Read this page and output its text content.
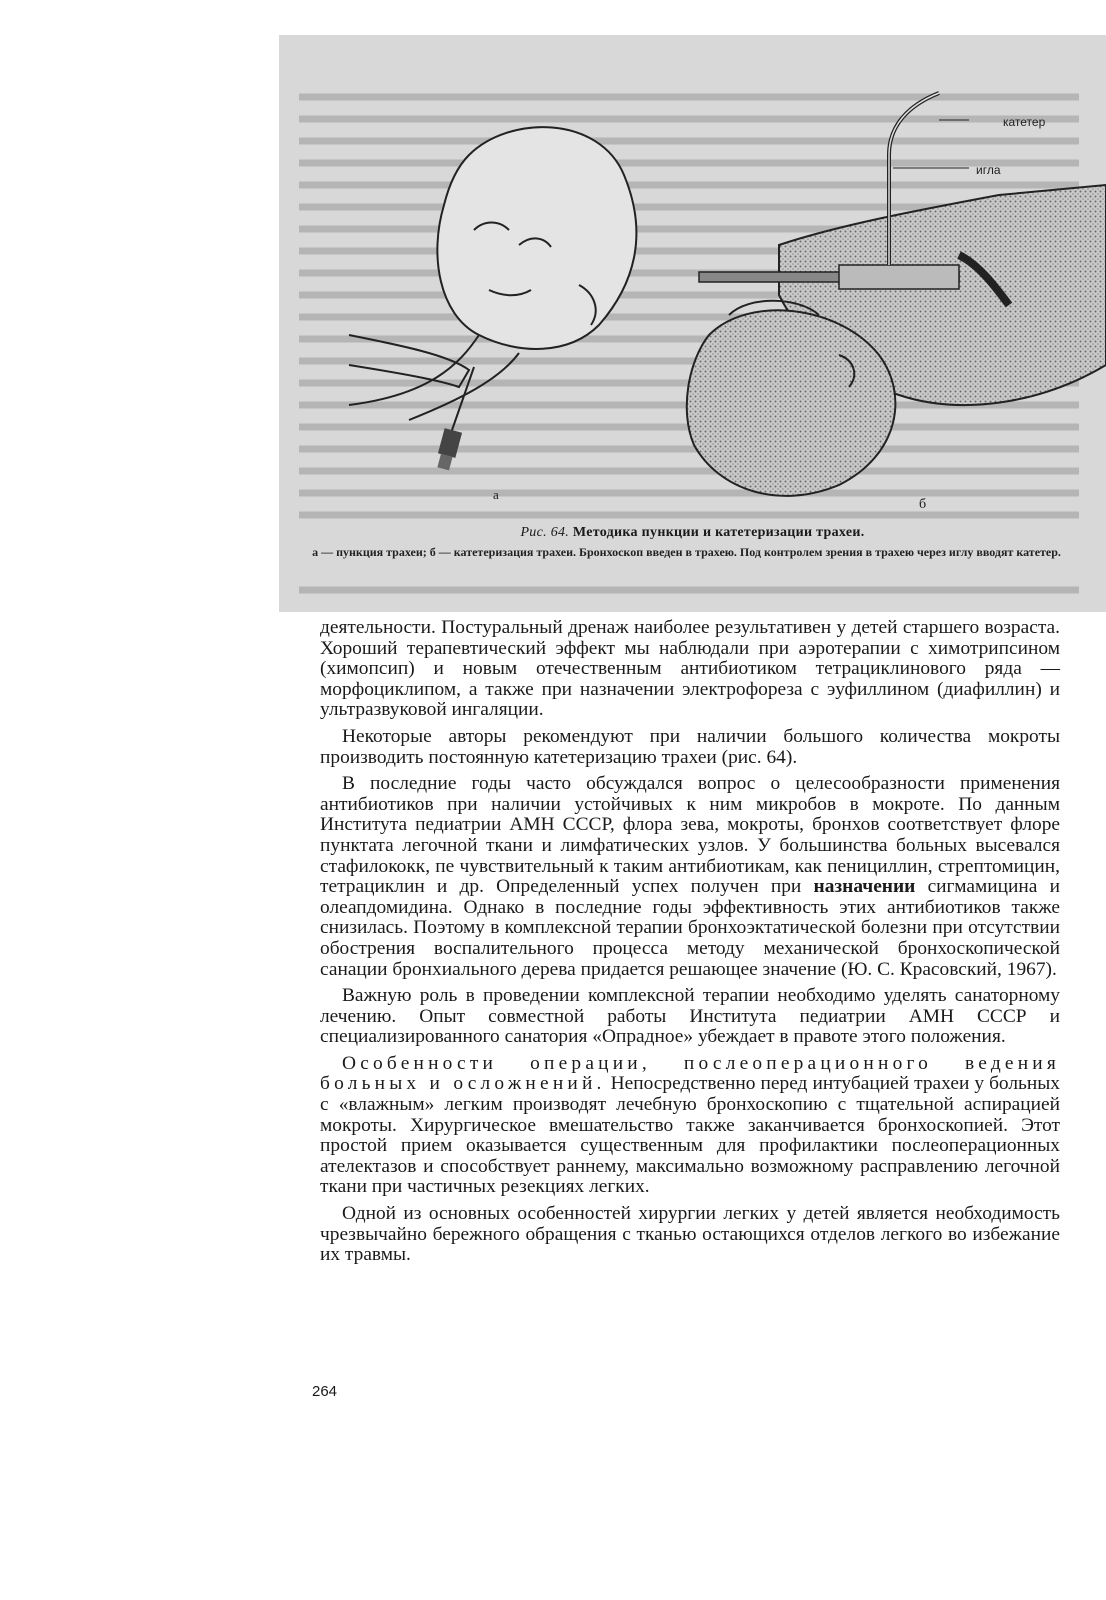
катетер
игла
а
б
Рис. 64. Методика пункции и катетеризации трахеи.
а — пункция трахеи; б — катетеризация трахеи. Бронхоскоп введен в трахею. Под контролем зрения в трахею через иглу вводят катетер.

деятельности. Постуральный дренаж наиболее результативен у детей старшего возраста. Хороший терапевтический эффект мы наблюдали при аэротерапии с химотрипсином (химопсип) и новым отечественным антибиотиком тетрациклинового ряда — морфоциклипом, а также при назначении электрофореза с эуфиллином (диафиллин) и ультразвуковой ингаляции.

Некоторые авторы рекомендуют при наличии большого количества мокроты производить постоянную катетеризацию трахеи (рис. 64).

В последние годы часто обсуждался вопрос о целесообразности применения антибиотиков при наличии устойчивых к ним микробов в мокроте. По данным Института педиатрии АМН СССР, флора зева, мокроты, бронхов соответствует флоре пунктата легочной ткани и лимфатических узлов. У большинства больных высевался стафилококк, пе чувствительный к таким антибиотикам, как пенициллин, стрептомицин, тетрациклин и др. Определенный успех получен при назначении сигмамицина и олеапдомидина. Однако в последние годы эффективность этих антибиотиков также снизилась. Поэтому в комплексной терапии бронхоэктатической болезни при отсутствии обострения воспалительного процесса методу механической бронхоскопической санации бронхиального дерева придается решающее значение (Ю. С. Красовский, 1967).

Важную роль в проведении комплексной терапии необходимо уделять санаторному лечению. Опыт совместной работы Института педиатрии АМН СССР и специализированного санатория «Опрадное» убеждает в правоте этого положения.

Особенности операции, послеоперационного ведения больных и осложнений. Непосредственно перед интубацией трахеи у больных с «влажным» легким производят лечебную бронхоскопию с тщательной аспирацией мокроты. Хирургическое вмешательство также заканчивается бронхоскопией. Этот простой прием оказывается существенным для профилактики послеоперационных ателектазов и способствует раннему, максимально возможному расправлению легочной ткани при частичных резекциях легких.

Одной из основных особенностей хирургии легких у детей является необходимость чрезвычайно бережного обращения с тканью остающихся отделов легкого во избежание их травмы.

264
